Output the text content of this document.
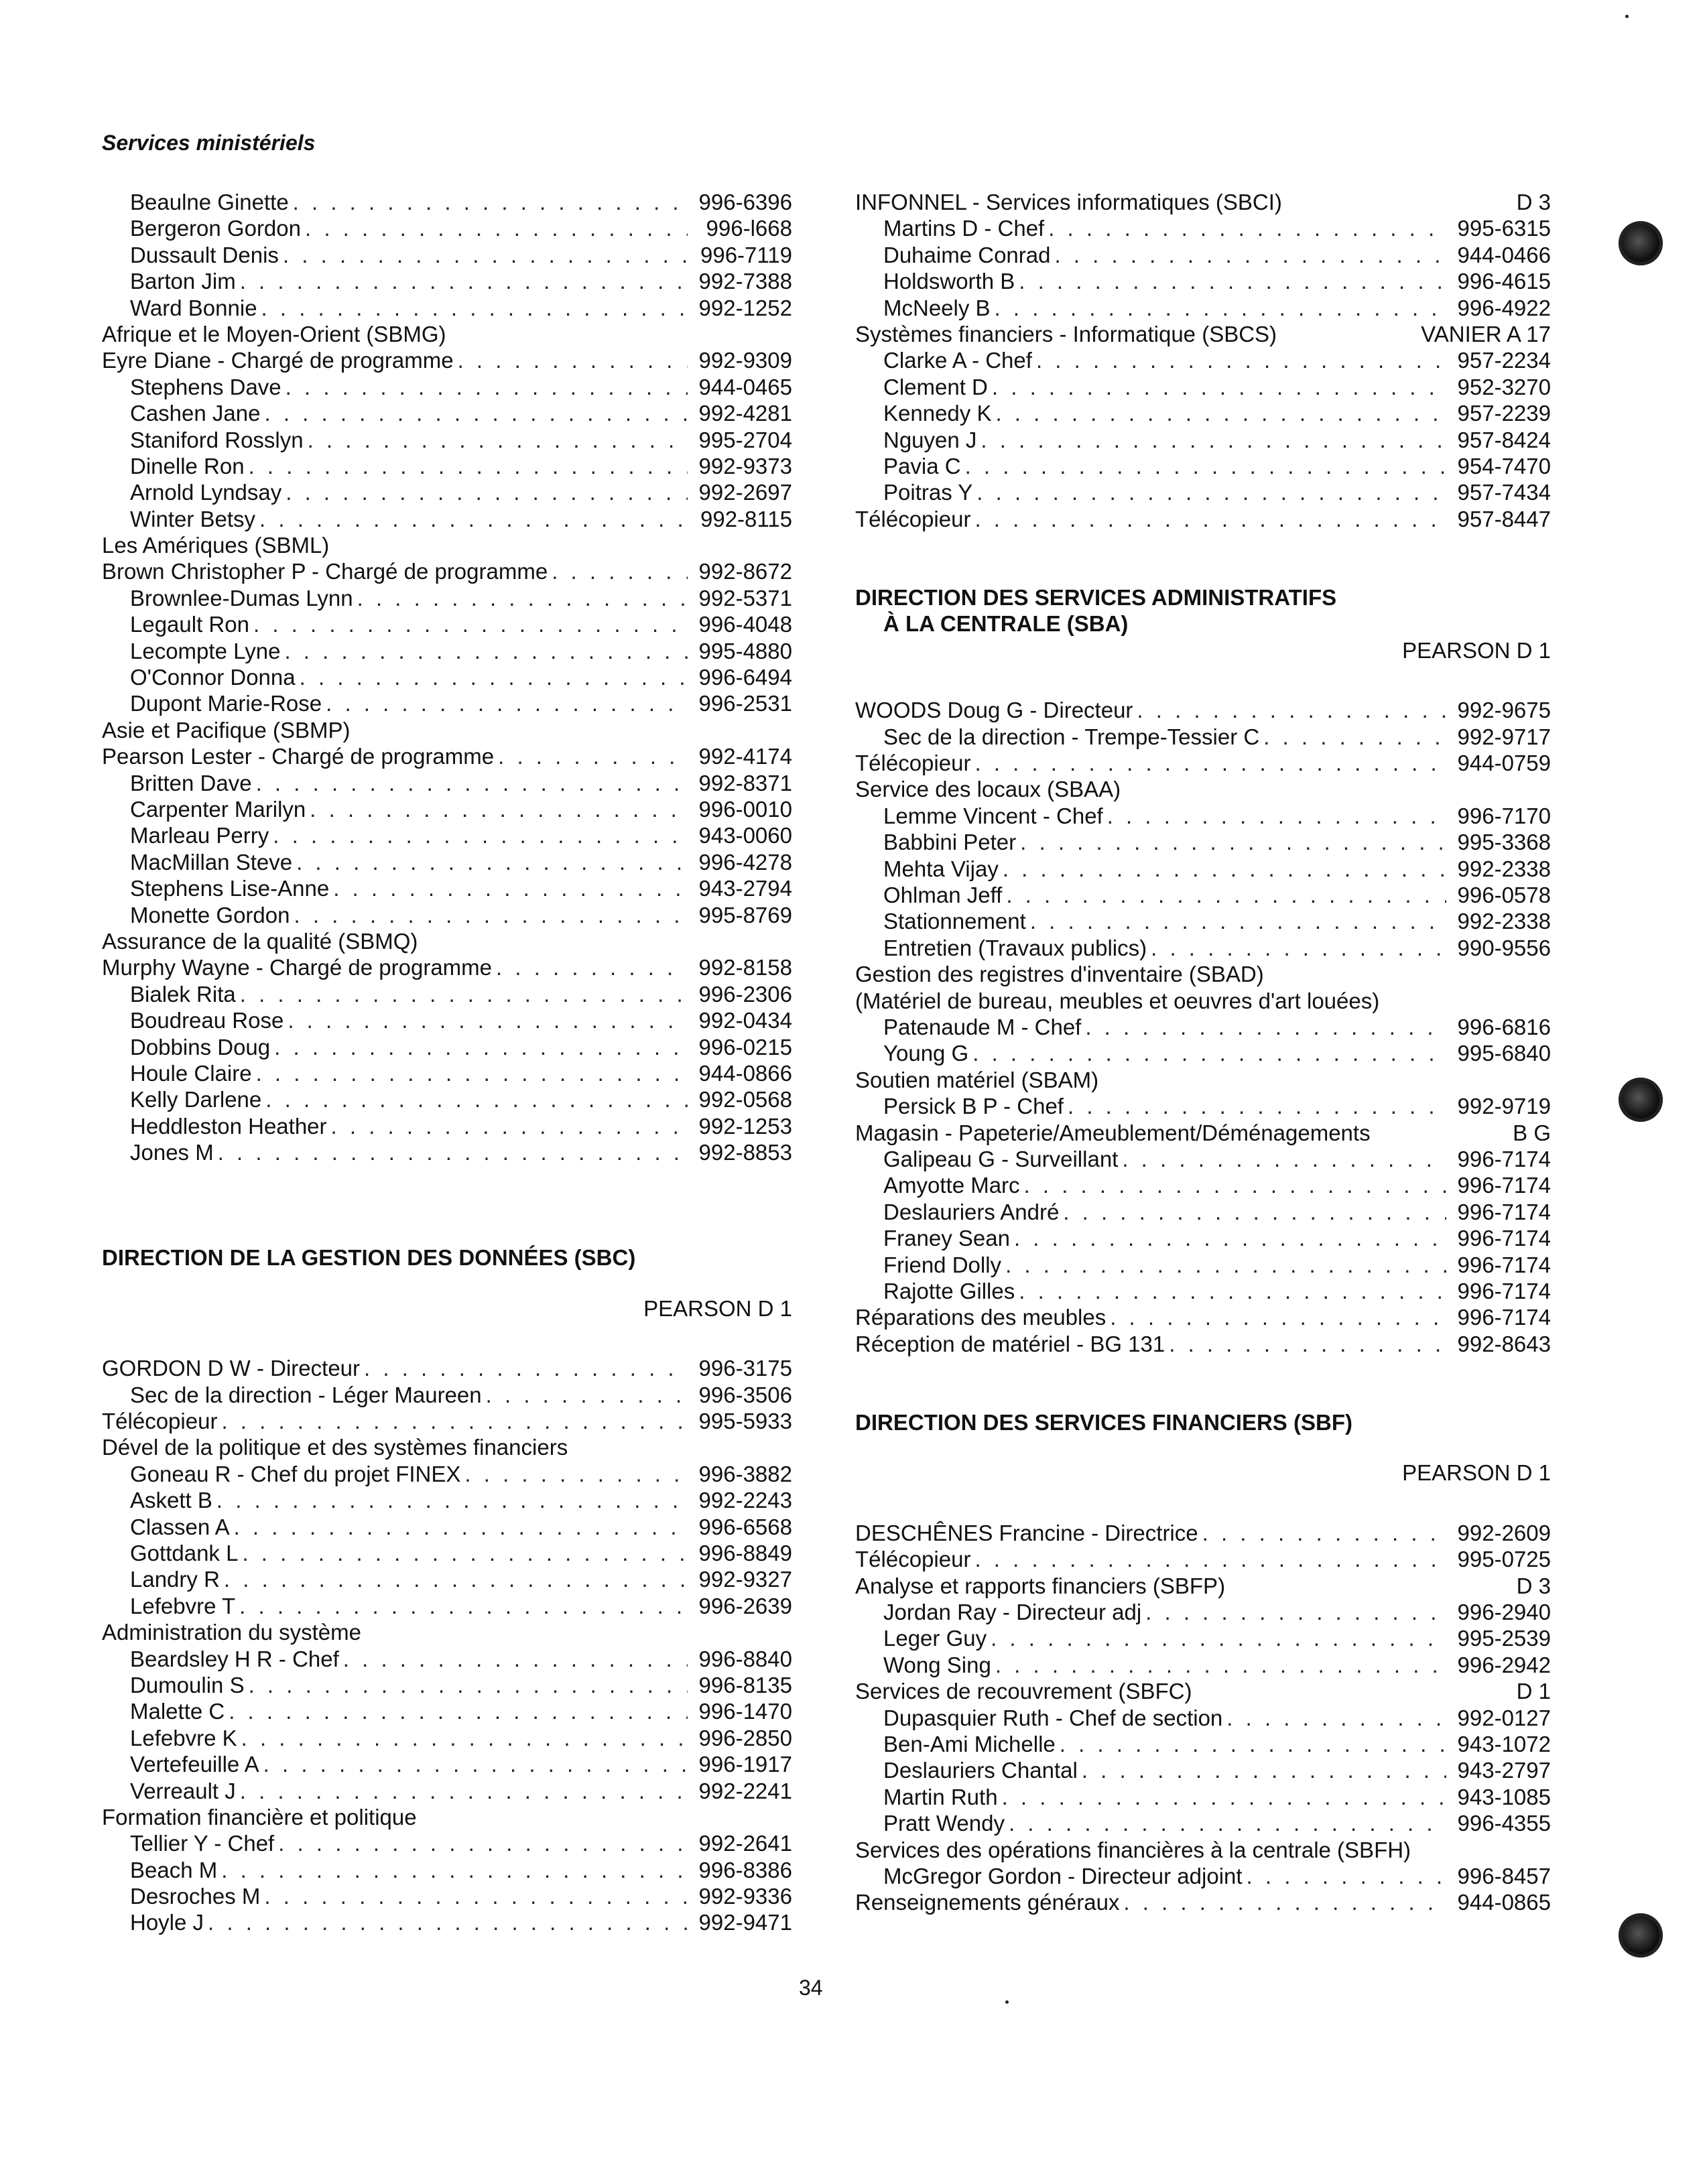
Services ministériels
Beaulne Ginette . . .	996-6396
Bergeron Gordon . . .	996-l668
Dussault Denis . . .	996-7119
Barton Jim . . .	992-7388
Ward Bonnie . . .	992-1252
Afrique et le Moyen-Orient (SBMG)
Eyre Diane - Chargé de programme . . .	992-9309
Stephens Dave . . .	944-0465
Cashen Jane . . .	992-4281
Staniford Rosslyn . . .	995-2704
Dinelle Ron . . .	992-9373
Arnold Lyndsay . . .	992-2697
Winter Betsy . . .	992-8115
Les Amériques (SBML)
Brown Christopher P - Chargé de programme . . .	992-8672
Brownlee-Dumas Lynn . . .	992-5371
Legault Ron . . .	996-4048
Lecompte Lyne . . .	995-4880
O'Connor Donna . . .	996-6494
Dupont Marie-Rose . . .	996-2531
Asie et Pacifique (SBMP)
Pearson Lester - Chargé de programme . . .	992-4174
Britten Dave . . .	992-8371
Carpenter Marilyn . . .	996-0010
Marleau Perry . . .	943-0060
MacMillan Steve . . .	996-4278
Stephens Lise-Anne . . .	943-2794
Monette Gordon . . .	995-8769
Assurance de la qualité (SBMQ)
Murphy Wayne - Chargé de programme . . .	992-8158
Bialek Rita . . .	996-2306
Boudreau Rose . . .	992-0434
Dobbins Doug . . .	996-0215
Houle Claire . . .	944-0866
Kelly Darlene . . .	992-0568
Heddleston Heather . . .	992-1253
Jones M . . .	992-8853
DIRECTION DE LA GESTION DES DONNÉES (SBC)
PEARSON D 1
GORDON D W - Directeur . . .	996-3175
Sec de la direction - Léger Maureen . . .	996-3506
Télécopieur . . .	995-5933
Dével de la politique et des systèmes financiers
Goneau R - Chef du projet FINEX . . .	996-3882
Askett B . . .	992-2243
Classen A . . .	996-6568
Gottdank L . . .	996-8849
Landry R . . .	992-9327
Lefebvre T . . .	996-2639
Administration du système
Beardsley H R - Chef . . .	996-8840
Dumoulin S . . .	996-8135
Malette C . . .	996-1470
Lefebvre K . . .	996-2850
Vertefeuille A . . .	996-1917
Verreault J . . .	992-2241
Formation financière et politique
Tellier Y - Chef . . .	992-2641
Beach M . . .	996-8386
Desroches M . . .	992-9336
Hoyle J . . .	992-9471
INFONNEL - Services informatiques (SBCI)	D 3
Martins D - Chef . . .	995-6315
Duhaime Conrad . . .	944-0466
Holdsworth B . . .	996-4615
McNeely B . . .	996-4922
Systèmes financiers - Informatique (SBCS)	VANIER A 17
Clarke A - Chef . . .	957-2234
Clement D . . .	952-3270
Kennedy K . . .	957-2239
Nguyen J . . .	957-8424
Pavia C . . .	954-7470
Poitras Y . . .	957-7434
Télécopieur . . .	957-8447
DIRECTION DES SERVICES ADMINISTRATIFS
À LA CENTRALE (SBA)
PEARSON D 1
WOODS Doug G - Directeur . . .	992-9675
Sec de la direction - Trempe-Tessier C . . .	992-9717
Télécopieur . . .	944-0759
Service des locaux (SBAA)
Lemme Vincent - Chef . . .	996-7170
Babbini Peter . . .	995-3368
Mehta Vijay . . .	992-2338
Ohlman Jeff . . .	996-0578
Stationnement . . .	992-2338
Entretien (Travaux publics) . . .	990-9556
Gestion des registres d'inventaire (SBAD)
(Matériel de bureau, meubles et oeuvres d'art louées)
Patenaude M - Chef . . .	996-6816
Young G . . .	995-6840
Soutien matériel (SBAM)
Persick B P - Chef . . .	992-9719
Magasin - Papeterie/Ameublement/Déménagements	B G
Galipeau G - Surveillant . . .	996-7174
Amyotte Marc . . .	996-7174
Deslauriers André . . .	996-7174
Franey Sean . . .	996-7174
Friend Dolly . . .	996-7174
Rajotte Gilles . . .	996-7174
Réparations des meubles . . .	996-7174
Réception de matériel - BG 131 . . .	992-8643
DIRECTION DES SERVICES FINANCIERS (SBF)
PEARSON D 1
DESCHÊNES Francine - Directrice . . .	992-2609
Télécopieur . . .	995-0725
Analyse et rapports financiers (SBFP)	D 3
Jordan Ray - Directeur adj . . .	996-2940
Leger Guy . . .	995-2539
Wong Sing . . .	996-2942
Services de recouvrement (SBFC)	D 1
Dupasquier Ruth - Chef de section . . .	992-0127
Ben-Ami Michelle . . .	943-1072
Deslauriers Chantal . . .	943-2797
Martin Ruth . . .	943-1085
Pratt Wendy . . .	996-4355
Services des opérations financières à la centrale (SBFH)
McGregor Gordon - Directeur adjoint . . .	996-8457
Renseignements généraux . . .	944-0865
34
